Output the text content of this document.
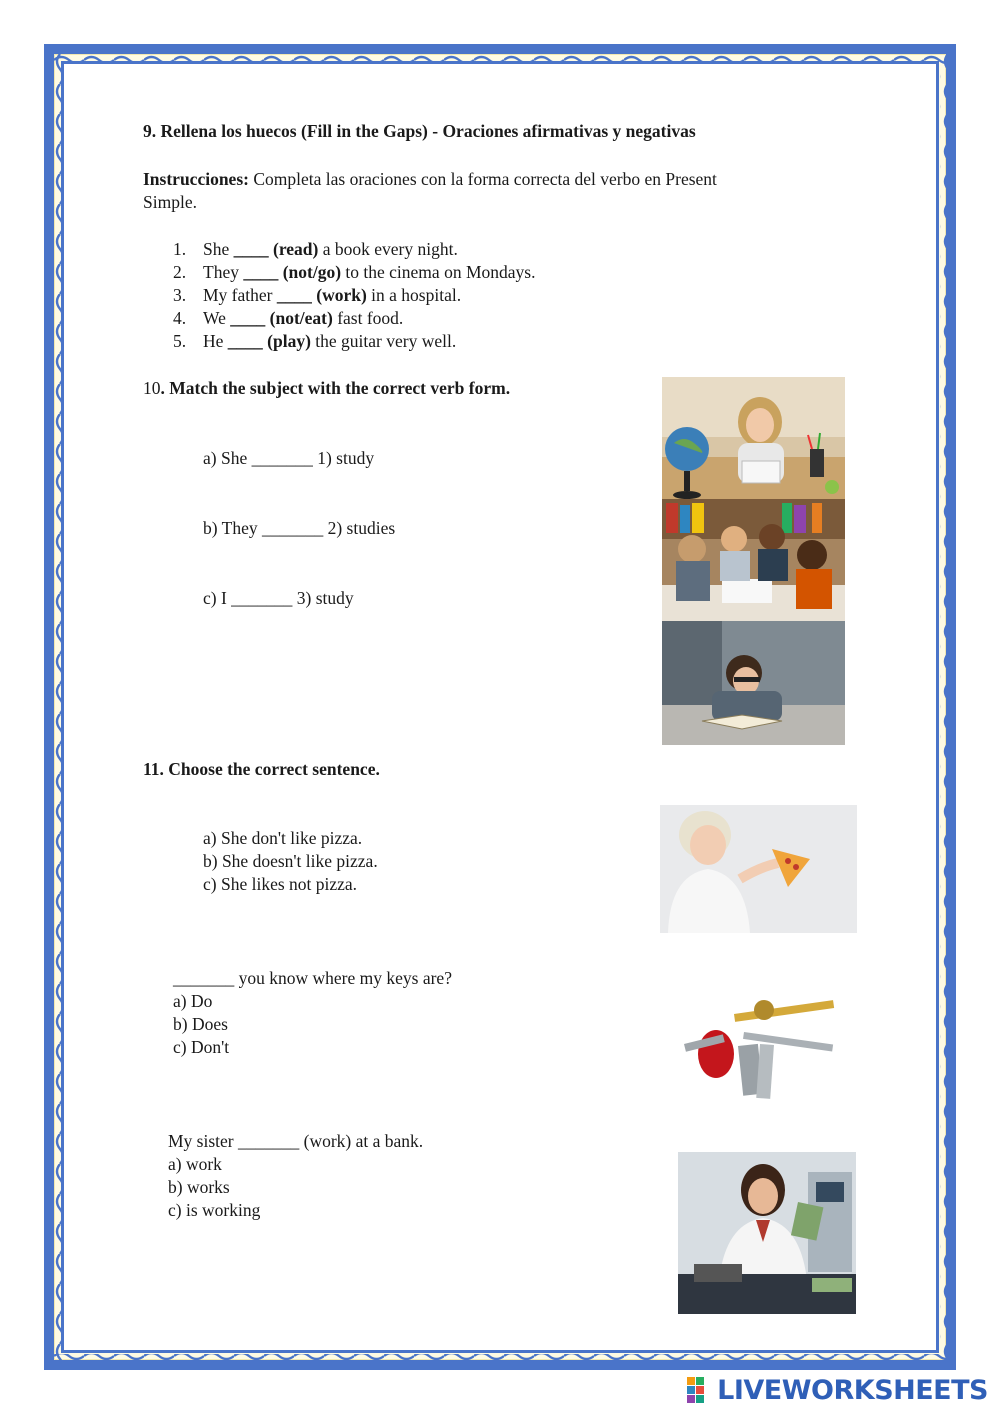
9. Rellena los huecos (Fill in the Gaps) - Oraciones afirmativas y negativas
Instrucciones: Completa las oraciones con la forma correcta del verbo en Present
Simple.
1. She ____ (read) a book every night.
2. They ____ (not/go) to the cinema on Mondays.
3. My father ____ (work) in a hospital.
4. We ____ (not/eat) fast food.
5. He ____ (play) the guitar very well.
10. Match the subject with the correct verb form.
a) She _______ 1) study
b) They _______ 2) studies
c) I _______ 3) study
11. Choose the correct sentence.
a) She don't like pizza.
b) She doesn't like pizza.
c) She likes not pizza.
_______ you know where my keys are?
a) Do
b) Does
c) Don't
My sister _______ (work) at a bank.
a) work
b) works
c) is working
LIVEWORKSHEETS
